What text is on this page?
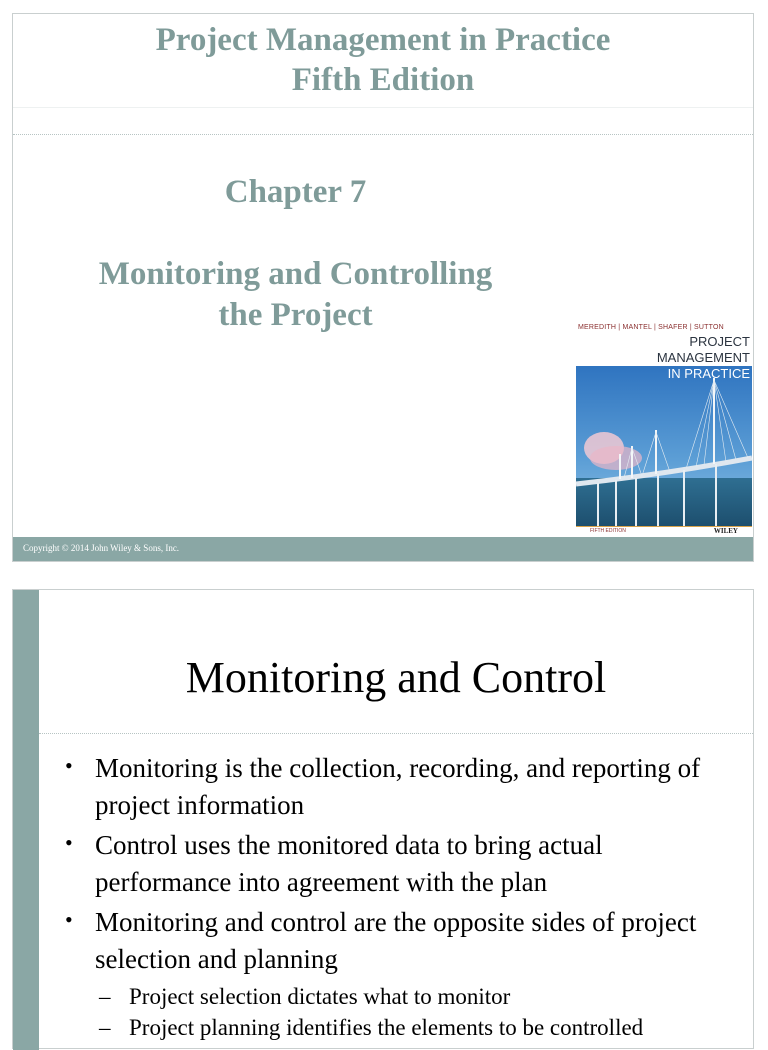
Project Management in Practice
Fifth Edition
Chapter 7
Monitoring and Controlling
the Project	MEREDITH | MANTEL | SHAFER | SUTTON
PROJECT
MANAGEMENT
IN PRACTICE
FIFTH EDITION	WILEY
Copyright © 2014 John Wiley & Sons, Inc.
Monitoring and Control
• Monitoring is the collection, recording, and reporting of project information
• Control uses the monitored data to bring actual performance into agreement with the plan
• Monitoring and control are the opposite sides of project selection and planning
– Project selection dictates what to monitor
– Project planning identifies the elements to be controlled
